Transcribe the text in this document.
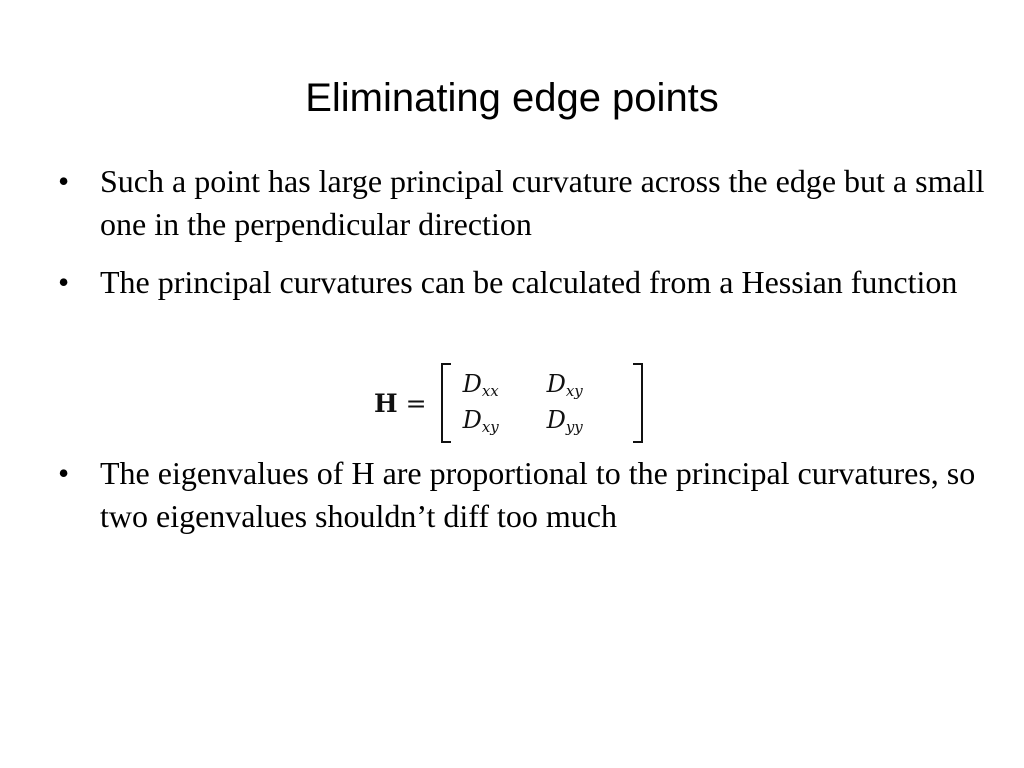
Eliminating edge points
• Such a point has large principal curvature across the edge but a small one in the perpendicular direction
• The principal curvatures can be calculated from a Hessian function
• The eigenvalues of H are proportional to the principal curvatures, so two eigenvalues shouldn’t diff too much
H =
$D_{xx}$	$D_{xy}$
$D_{xy}$	$D_{yy}$
